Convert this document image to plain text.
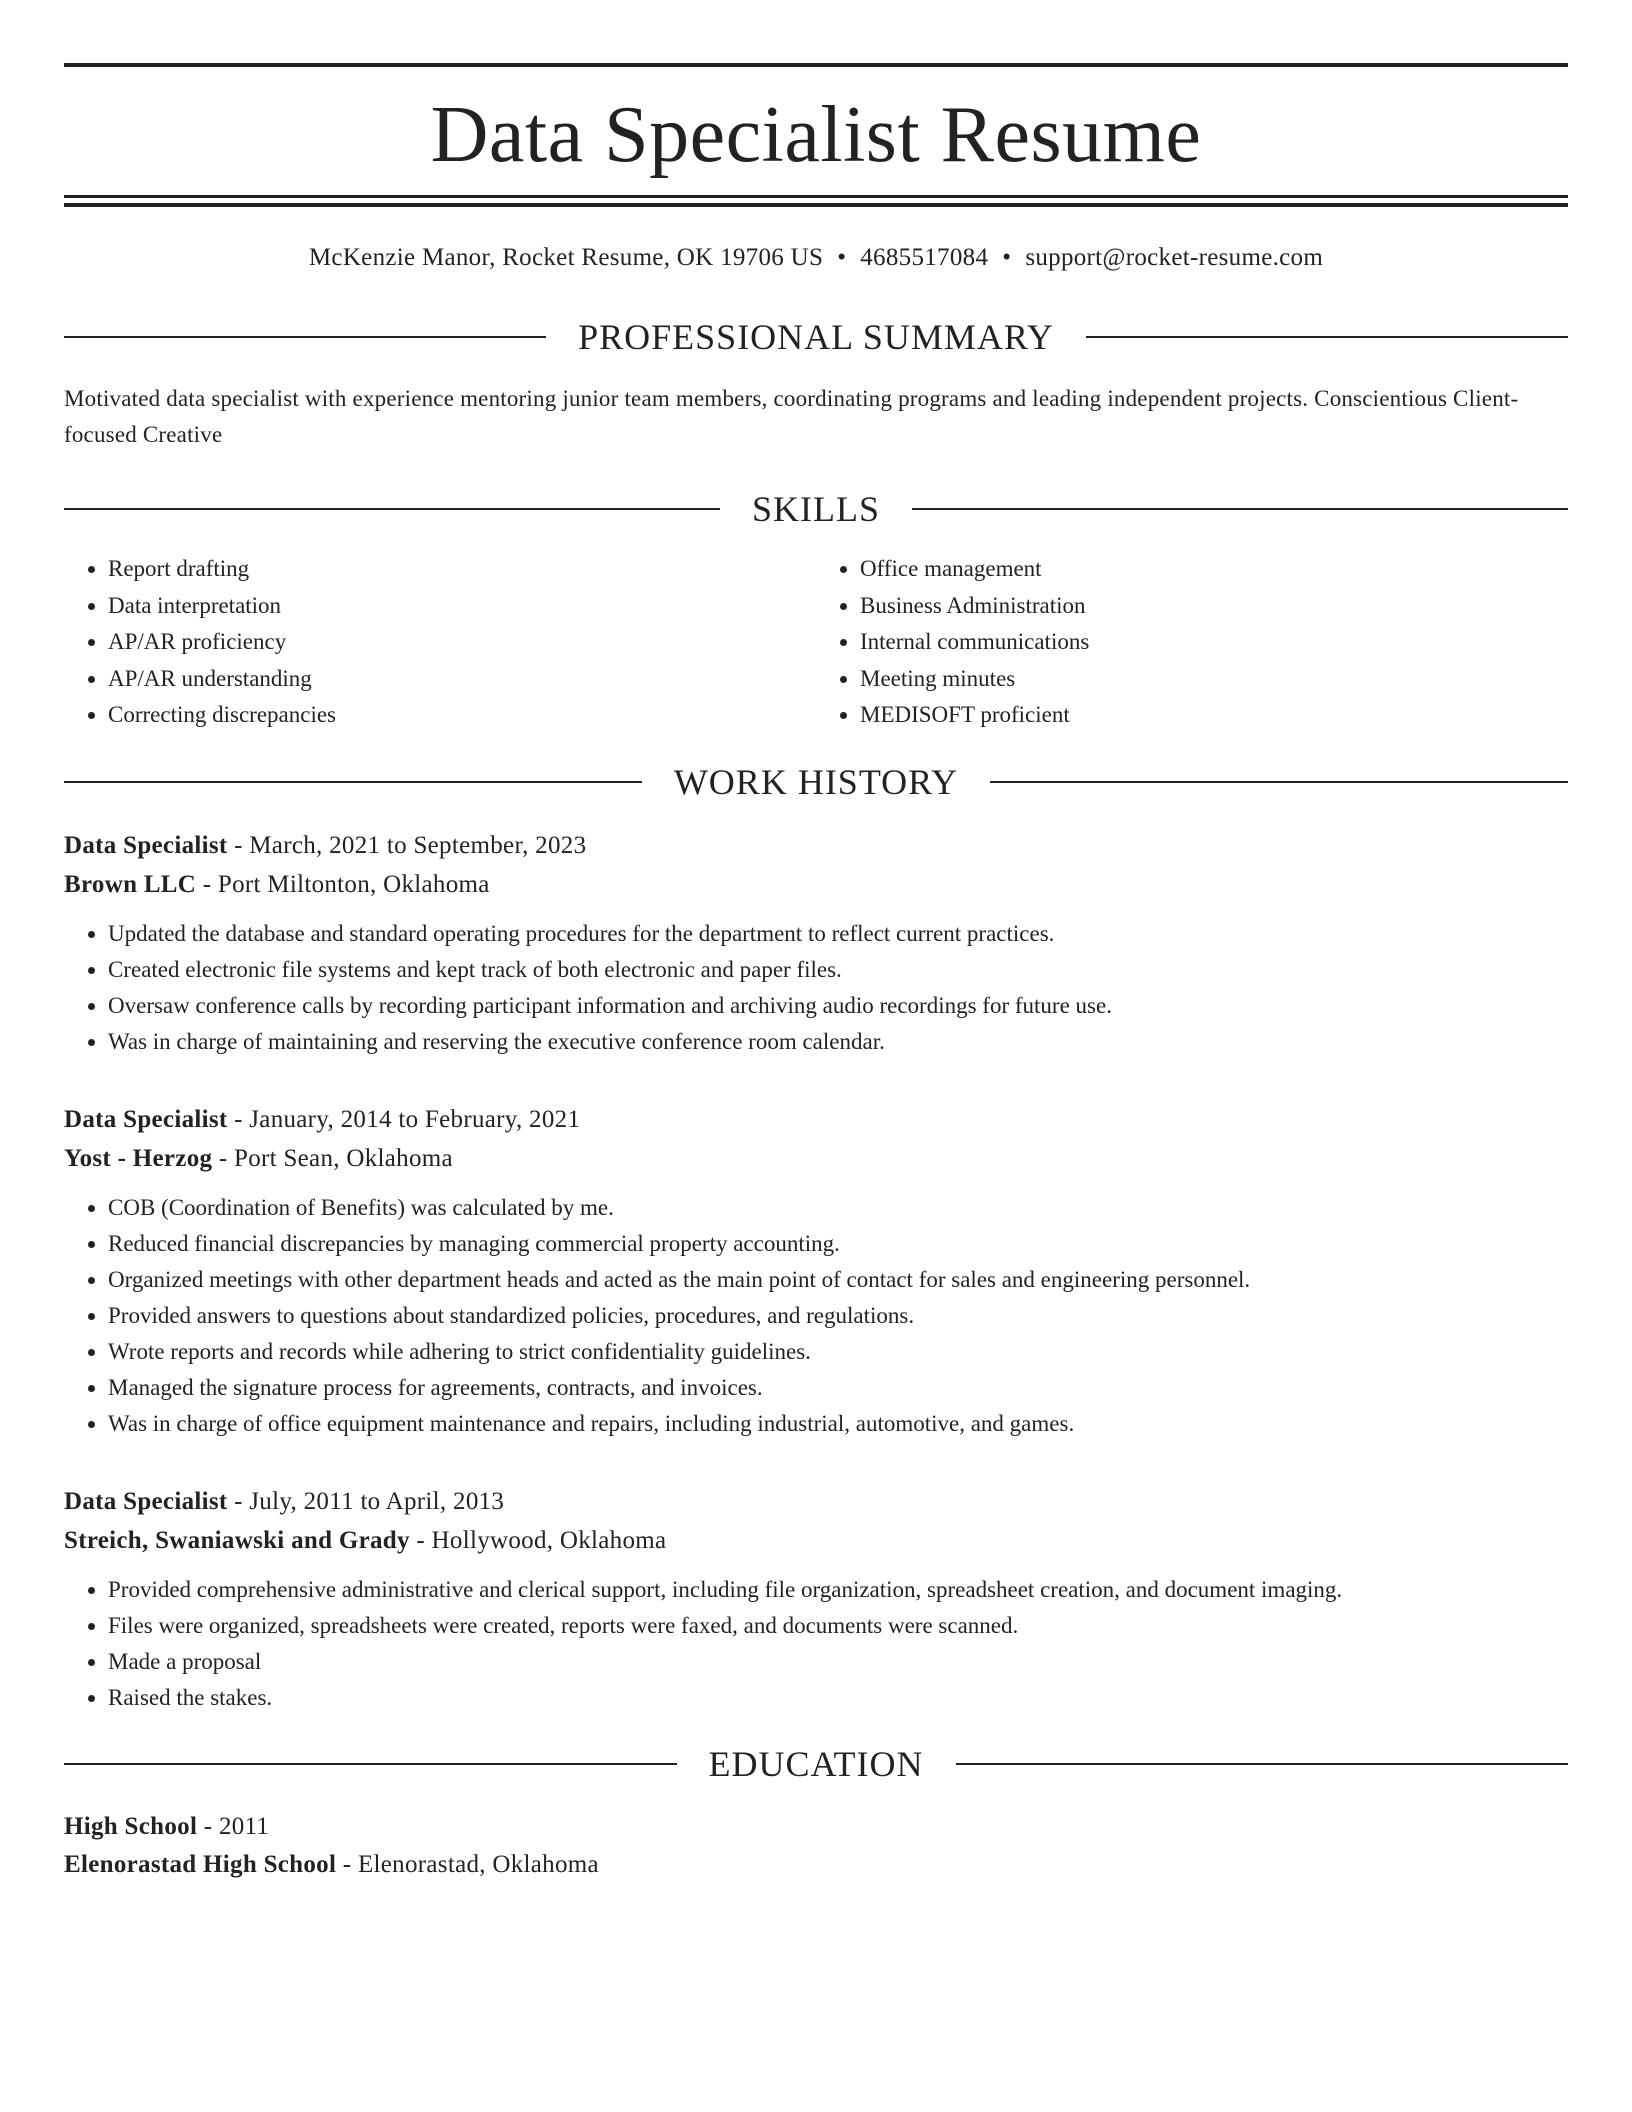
Data Specialist Resume
McKenzie Manor, Rocket Resume, OK 19706 US • 4685517084 • support@rocket-resume.com
PROFESSIONAL SUMMARY
Motivated data specialist with experience mentoring junior team members, coordinating programs and leading independent projects. Conscientious Client-focused Creative
SKILLS
• Report drafting
• Data interpretation
• AP/AR proficiency
• AP/AR understanding
• Correcting discrepancies
• Office management
• Business Administration
• Internal communications
• Meeting minutes
• MEDISOFT proficient
WORK HISTORY
Data Specialist - March, 2021 to September, 2023
Brown LLC - Port Miltonton, Oklahoma
• Updated the database and standard operating procedures for the department to reflect current practices.
• Created electronic file systems and kept track of both electronic and paper files.
• Oversaw conference calls by recording participant information and archiving audio recordings for future use.
• Was in charge of maintaining and reserving the executive conference room calendar.
Data Specialist - January, 2014 to February, 2021
Yost - Herzog - Port Sean, Oklahoma
• COB (Coordination of Benefits) was calculated by me.
• Reduced financial discrepancies by managing commercial property accounting.
• Organized meetings with other department heads and acted as the main point of contact for sales and engineering personnel.
• Provided answers to questions about standardized policies, procedures, and regulations.
• Wrote reports and records while adhering to strict confidentiality guidelines.
• Managed the signature process for agreements, contracts, and invoices.
• Was in charge of office equipment maintenance and repairs, including industrial, automotive, and games.
Data Specialist - July, 2011 to April, 2013
Streich, Swaniawski and Grady - Hollywood, Oklahoma
• Provided comprehensive administrative and clerical support, including file organization, spreadsheet creation, and document imaging.
• Files were organized, spreadsheets were created, reports were faxed, and documents were scanned.
• Made a proposal
• Raised the stakes.
EDUCATION
High School - 2011
Elenorastad High School - Elenorastad, Oklahoma
